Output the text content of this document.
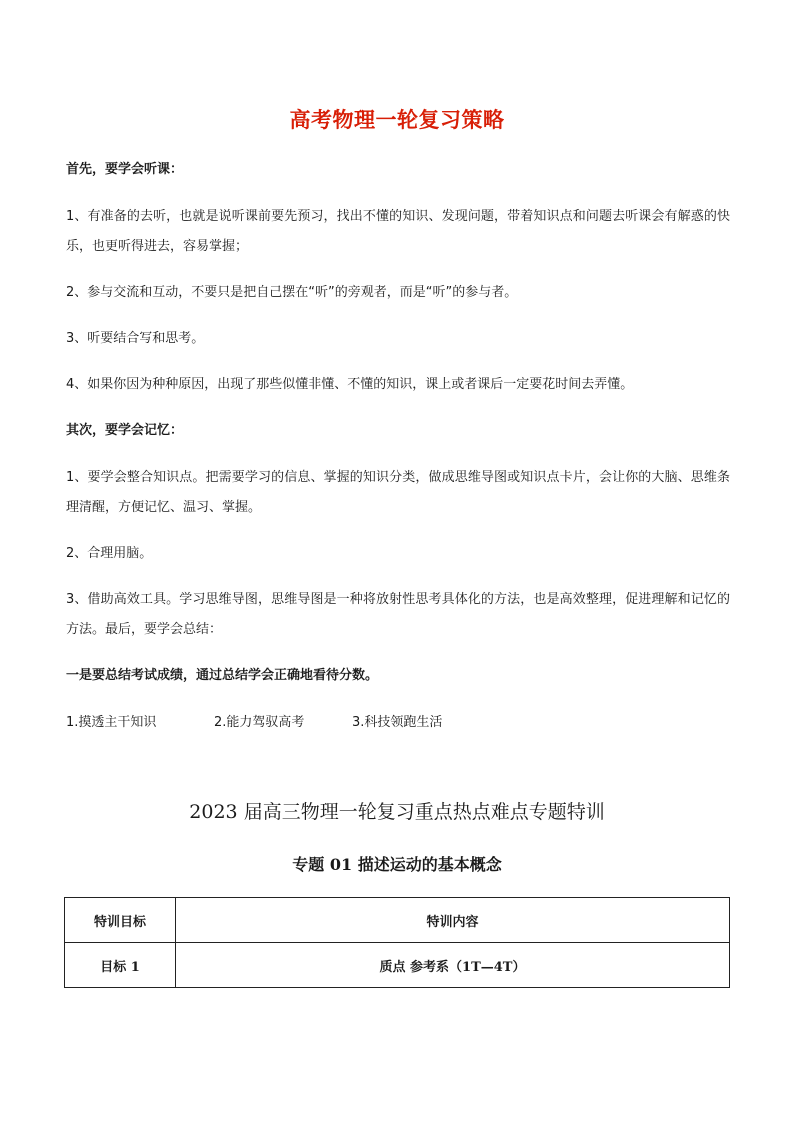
高考物理一轮复习策略

首先，要学会听课：

1、有准备的去听，也就是说听课前要先预习，找出不懂的知识、发现问题，带着知识点和问题去听课会有解惑的快乐，也更听得进去，容易掌握；

2、参与交流和互动，不要只是把自己摆在“听”的旁观者，而是“听”的参与者。

3、听要结合写和思考。

4、如果你因为种种原因，出现了那些似懂非懂、不懂的知识，课上或者课后一定要花时间去弄懂。

其次，要学会记忆：

1、要学会整合知识点。把需要学习的信息、掌握的知识分类，做成思维导图或知识点卡片，会让你的大脑、思维条理清醒，方便记忆、温习、掌握。

2、合理用脑。

3、借助高效工具。学习思维导图，思维导图是一种将放射性思考具体化的方法，也是高效整理，促进理解和记忆的方法。最后，要学会总结：

一是要总结考试成绩，通过总结学会正确地看待分数。

1.摸透主干知识	2.能力驾驭高考	3.科技领跑生活
2023 届高三物理一轮复习重点热点难点专题特训
专题 01 描述运动的基本概念
特训目标	特训内容
目标 1	质点 参考系（1T—4T）
